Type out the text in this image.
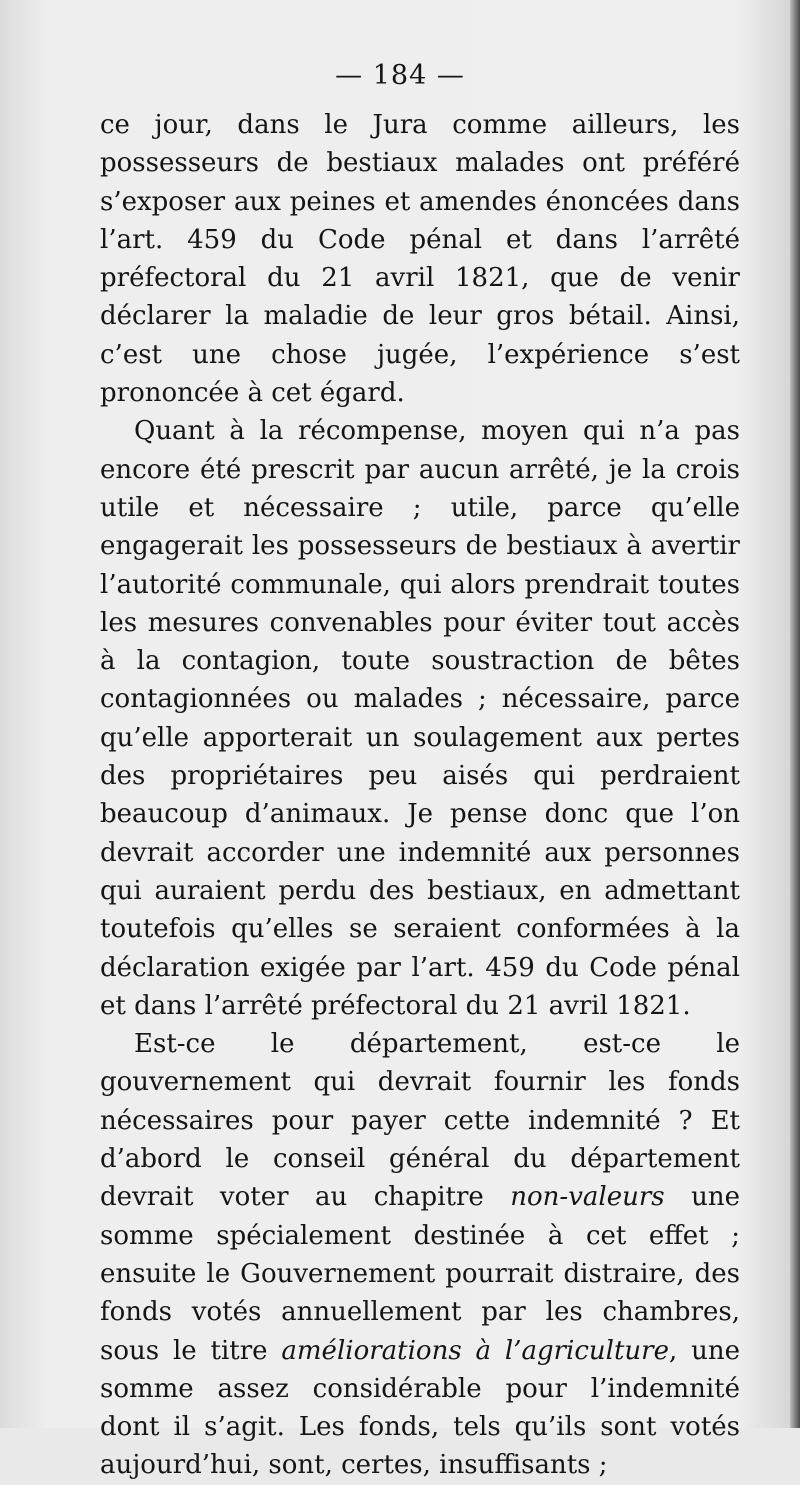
— 184 —

ce jour, dans le Jura comme ailleurs, les possesseurs de bestiaux malades ont préféré s’exposer aux peines et amendes énoncées dans l’art. 459 du Code pénal et dans l’arrêté préfectoral du 21 avril 1821, que de venir déclarer la maladie de leur gros bétail. Ainsi, c’est une chose jugée, l’expérience s’est prononcée à cet égard.

Quant à la récompense, moyen qui n’a pas encore été prescrit par aucun arrêté, je la crois utile et nécessaire ; utile, parce qu’elle engagerait les possesseurs de bestiaux à avertir l’autorité communale, qui alors prendrait toutes les mesures convenables pour éviter tout accès à la contagion, toute soustraction de bêtes contagionnées ou malades ; nécessaire, parce qu’elle apporterait un soulagement aux pertes des propriétaires peu aisés qui perdraient beaucoup d’animaux. Je pense donc que l’on devrait accorder une indemnité aux personnes qui auraient perdu des bestiaux, en admettant toutefois qu’elles se seraient conformées à la déclaration exigée par l’art. 459 du Code pénal et dans l’arrêté préfectoral du 21 avril 1821.

Est-ce le département, est-ce le gouvernement qui devrait fournir les fonds nécessaires pour payer cette indemnité ? Et d’abord le conseil général du département devrait voter au chapitre non-valeurs une somme spécialement destinée à cet effet ; ensuite le Gouvernement pourrait distraire, des fonds votés annuellement par les chambres, sous le titre améliorations à l’agriculture, une somme assez considérable pour l’indemnité dont il s’agit. Les fonds, tels qu’ils sont votés aujourd’hui, sont, certes, insuffisants ;
